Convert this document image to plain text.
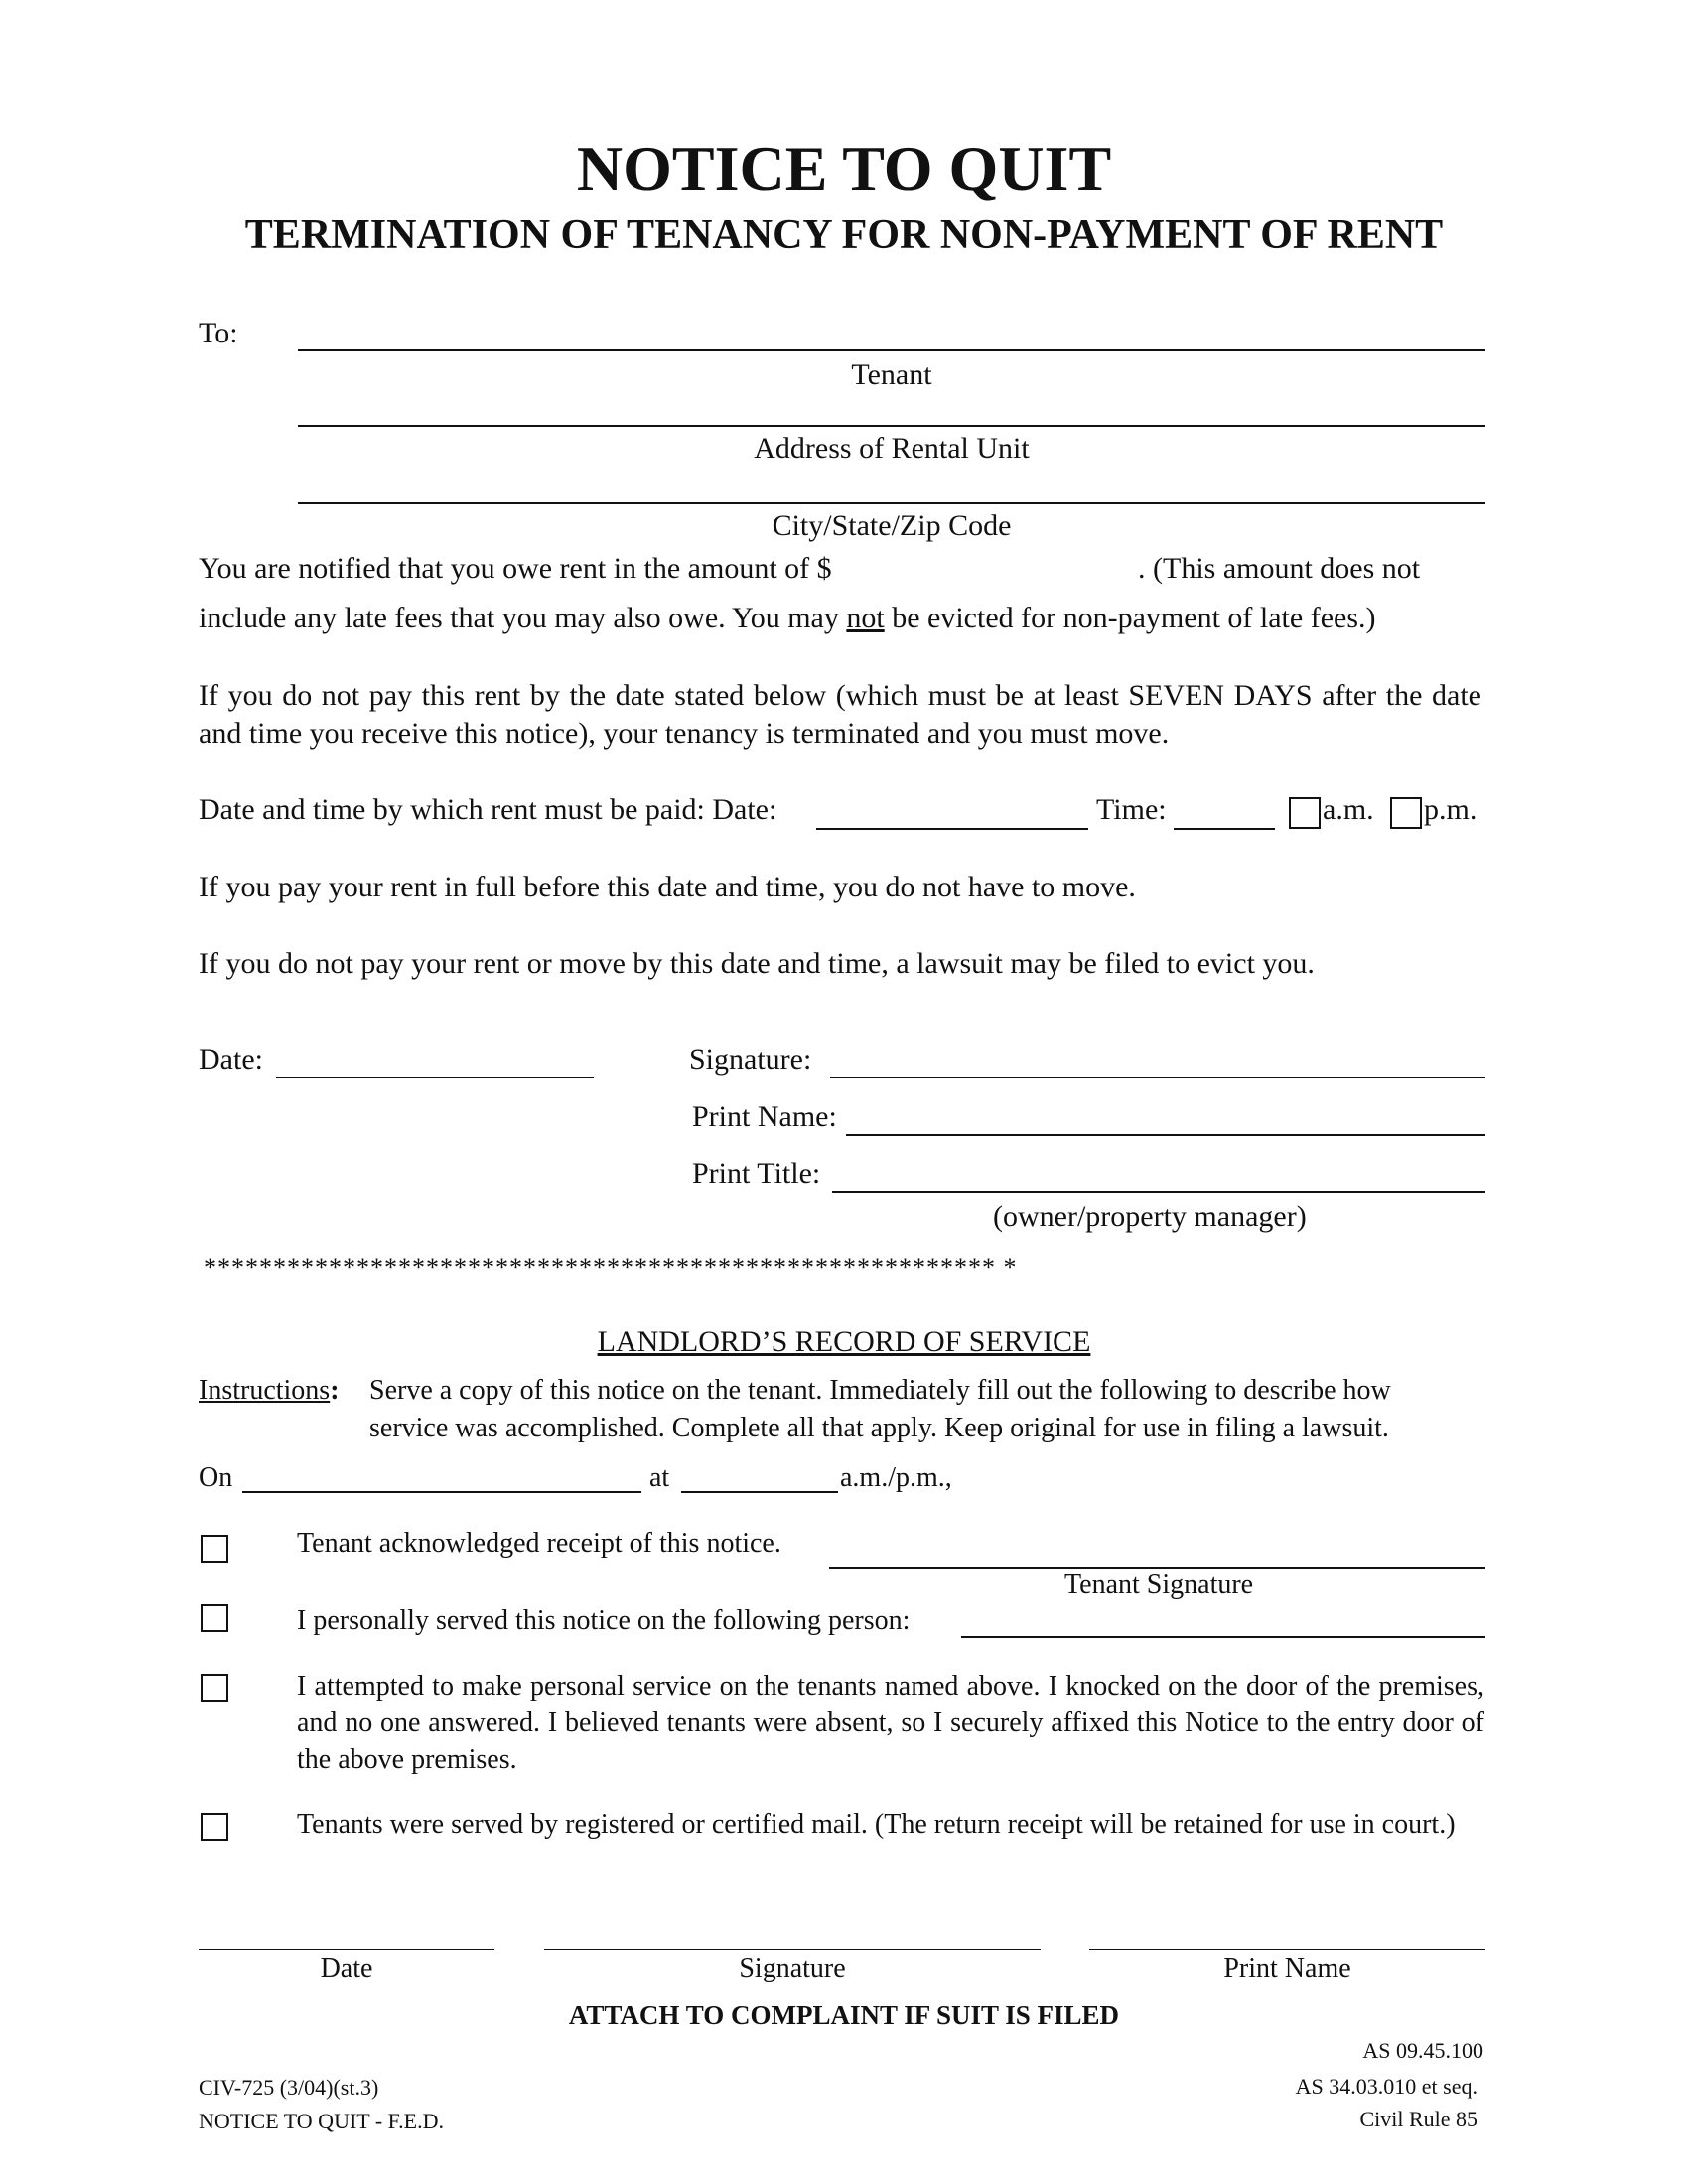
NOTICE TO QUIT
TERMINATION OF TENANCY FOR NON-PAYMENT OF RENT
To:
Tenant
Address of Rental Unit
City/State/Zip Code
You are notified that you owe rent in the amount of $	. (This amount does not
include any late fees that you may also owe. You may not be evicted for non-payment of late fees.)
If you do not pay this rent by the date stated below (which must be at least SEVEN DAYS after the date and time you receive this notice), your tenancy is terminated and you must move.
Date and time by which rent must be paid: Date:	Time:	a.m. p.m.
If you pay your rent in full before this date and time, you do not have to move.
If you do not pay your rent or move by this date and time, a lawsuit may be filed to evict you.
Date:	Signature:
Print Name:
Print Title:
(owner/property manager)
********************************************************* *
LANDLORD’S RECORD OF SERVICE
Instructions: Serve a copy of this notice on the tenant. Immediately fill out the following to describe how
service was accomplished. Complete all that apply. Keep original for use in filing a lawsuit.
On	at	a.m./p.m.,
Tenant acknowledged receipt of this notice.
Tenant Signature
I personally served this notice on the following person:
I attempted to make personal service on the tenants named above. I knocked on the door of the premises, and no one answered. I believed tenants were absent, so I securely affixed this Notice to the entry door of the above premises.
Tenants were served by registered or certified mail. (The return receipt will be retained for use in court.)
Date	Signature	Print Name
ATTACH TO COMPLAINT IF SUIT IS FILED
CIV-725 (3/04)(st.3)
NOTICE TO QUIT - F.E.D.
AS 09.45.100
AS 34.03.010 et seq.
Civil Rule 85
